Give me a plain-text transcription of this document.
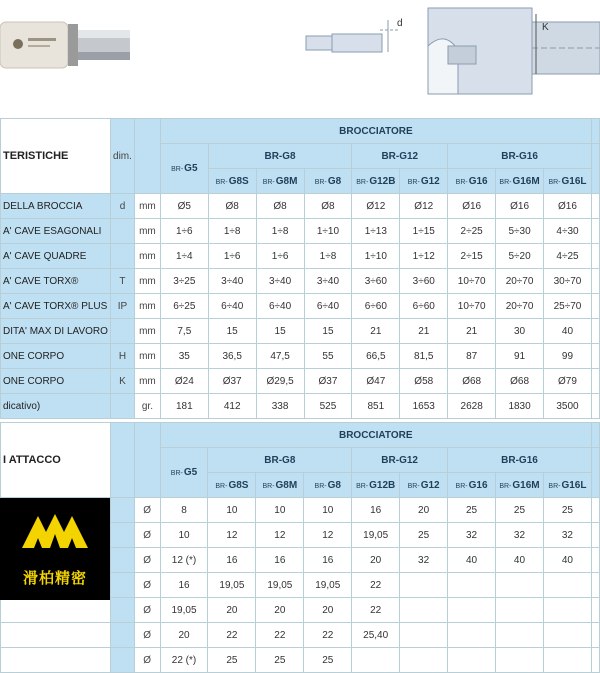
d	K
TERISTICHE	dim.		BROCCIATORE									
			BR-G5	BR-G8			BR-G12		BR-G16			
				BR-G8S	BR-G8M	BR-G8	BR-G12B	BR-G12	BR-G16	BR-G16M	BR-G16L	
DELLA BROCCIA	d	mm	Ø5	Ø8	Ø8	Ø8	Ø12	Ø12	Ø16	Ø16	Ø16	
A' CAVE ESAGONALI		mm	1÷6	1÷8	1÷8	1÷10	1÷13	1÷15	2÷25	5÷30	4÷30	
A' CAVE QUADRE		mm	1÷4	1÷6	1÷6	1÷8	1÷10	1÷12	2÷15	5÷20	4÷25	
A' CAVE TORX®	T	mm	3÷25	3÷40	3÷40	3÷40	3÷60	3÷60	10÷70	20÷70	30÷70	
A' CAVE TORX® PLUS	IP	mm	6÷25	6÷40	6÷40	6÷40	6÷60	6÷60	10÷70	20÷70	25÷70	
DITA' MAX DI LAVORO		mm	7,5	15	15	15	21	21	21	30	40	
ONE CORPO	H	mm	35	36,5	47,5	55	66,5	81,5	87	91	99	
ONE CORPO	K	mm	Ø24	Ø37	Ø29,5	Ø37	Ø47	Ø58	Ø68	Ø68	Ø79	
dicativo)		gr.	181	412	338	525	851	1653	2628	1830	3500	
I ATTACCO			BROCCIATORE									
			BR-G5	BR-G8			BR-G12		BR-G16			
				BR-G8S	BR-G8M	BR-G8	BR-G12B	BR-G12	BR-G16	BR-G16M	BR-G16L	
		Ø	8	10	10	10	16	20	25	25	25	
		Ø	10	12	12	12	19,05	25	32	32	32	
		Ø	12 (*)	16	16	16	20	32	40	40	40	
		Ø	16	19,05	19,05	19,05	22					
		Ø	19,05	20	20	20	22					
		Ø	20	22	22	22	25,40					
		Ø	22 (*)	25	25	25						
滑柏精密
